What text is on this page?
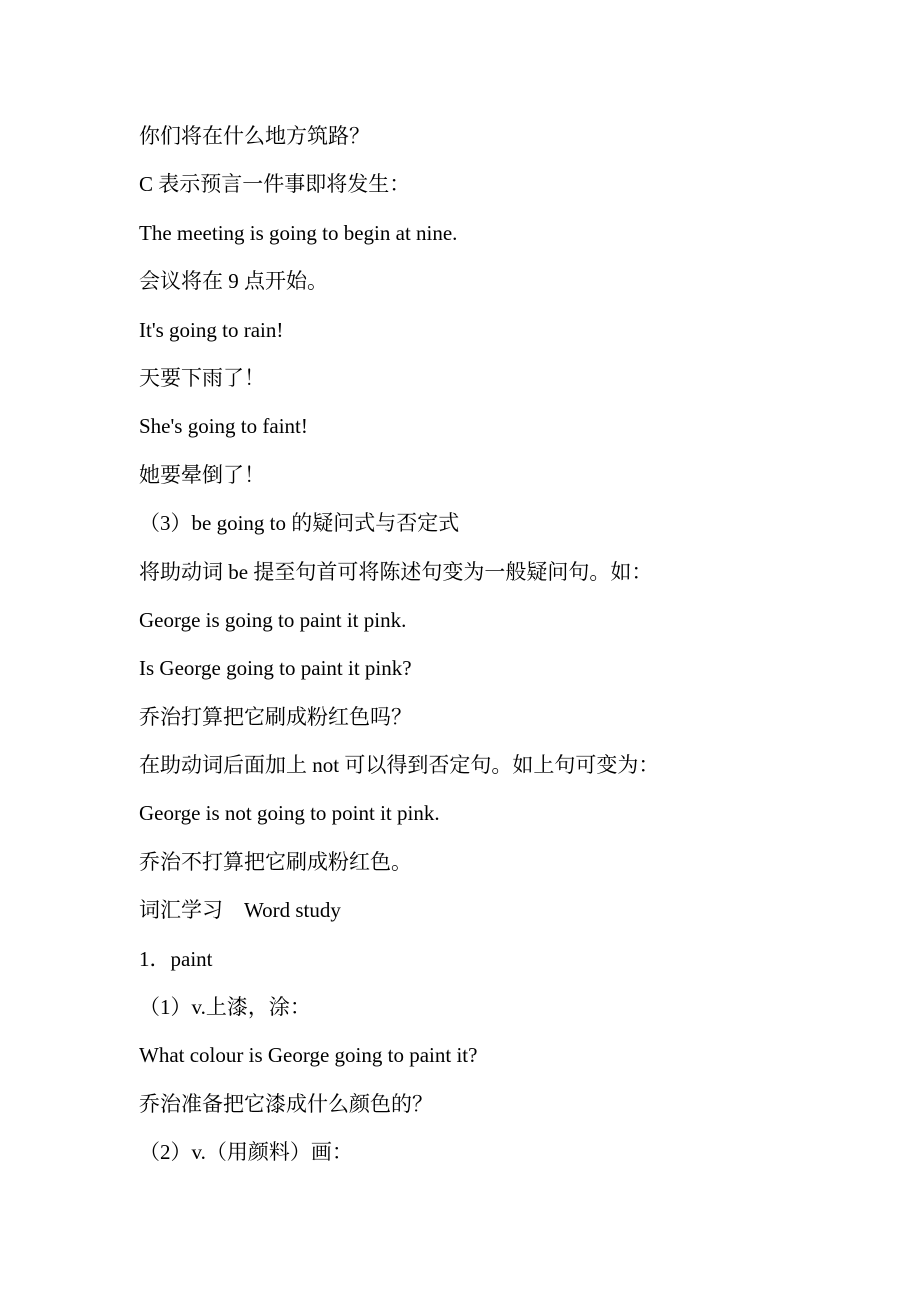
你们将在什么地方筑路？
C 表示预言一件事即将发生：
The meeting is going to begin at nine.
会议将在 9 点开始。
It's going to rain!
天要下雨了！
She's going to faint!
她要晕倒了！
（3）be going to 的疑问式与否定式
将助动词 be 提至句首可将陈述句变为一般疑问句。如：
George is going to paint it pink.
Is George going to paint it pink?
乔治打算把它刷成粉红色吗？
在助动词后面加上 not 可以得到否定句。如上句可变为：
George is not going to point it pink.
乔治不打算把它刷成粉红色。
词汇学习    Word study
1．paint
（1）v.上漆，涂：
What colour is George going to paint it?
乔治准备把它漆成什么颜色的？
（2）v.（用颜料）画：
